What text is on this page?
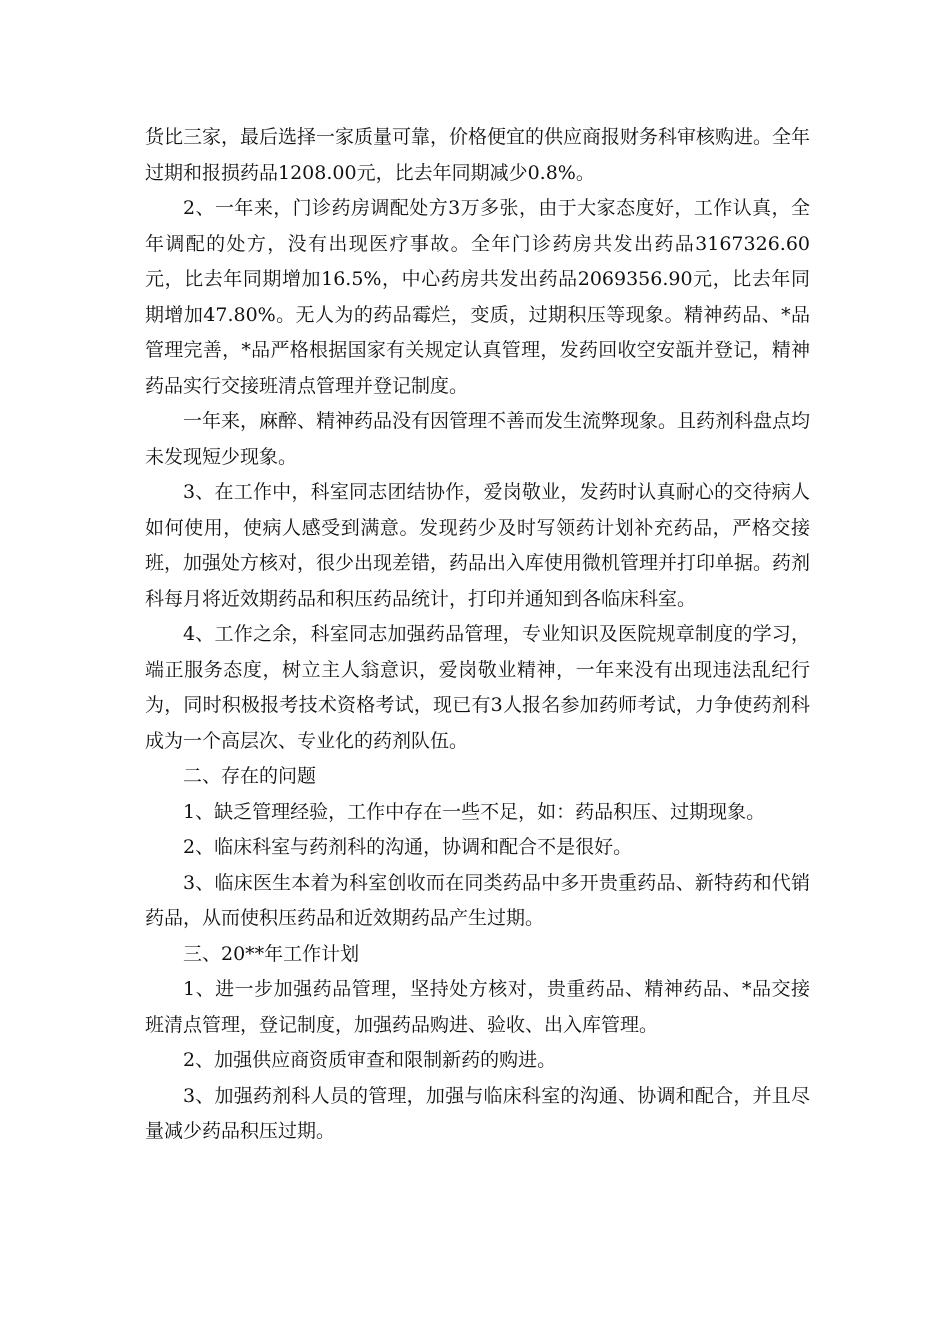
货比三家，最后选择一家质量可靠，价格便宜的供应商报财务科审核购进。全年过期和报损药品1208.00元，比去年同期减少0.8%。

2、一年来，门诊药房调配处方3万多张，由于大家态度好，工作认真，全年调配的处方，没有出现医疗事故。全年门诊药房共发出药品3167326.60元，比去年同期增加16.5%，中心药房共发出药品2069356.90元，比去年同期增加47.80%。无人为的药品霉烂，变质，过期积压等现象。精神药品、*品管理完善，*品严格根据国家有关规定认真管理，发药回收空安瓿并登记，精神药品实行交接班清点管理并登记制度。

一年来，麻醉、精神药品没有因管理不善而发生流弊现象。且药剂科盘点均未发现短少现象。

3、在工作中，科室同志团结协作，爱岗敬业，发药时认真耐心的交待病人如何使用，使病人感受到满意。发现药少及时写领药计划补充药品，严格交接班，加强处方核对，很少出现差错，药品出入库使用微机管理并打印单据。药剂科每月将近效期药品和积压药品统计，打印并通知到各临床科室。

4、工作之余，科室同志加强药品管理，专业知识及医院规章制度的学习，端正服务态度，树立主人翁意识，爱岗敬业精神，一年来没有出现违法乱纪行为，同时积极报考技术资格考试，现已有3人报名参加药师考试，力争使药剂科成为一个高层次、专业化的药剂队伍。

二、存在的问题

1、缺乏管理经验，工作中存在一些不足，如：药品积压、过期现象。

2、临床科室与药剂科的沟通，协调和配合不是很好。

3、临床医生本着为科室创收而在同类药品中多开贵重药品、新特药和代销药品，从而使积压药品和近效期药品产生过期。

三、20**年工作计划

1、进一步加强药品管理，坚持处方核对，贵重药品、精神药品、*品交接班清点管理，登记制度，加强药品购进、验收、出入库管理。

2、加强供应商资质审查和限制新药的购进。

3、加强药剂科人员的管理，加强与临床科室的沟通、协调和配合，并且尽量减少药品积压过期。
